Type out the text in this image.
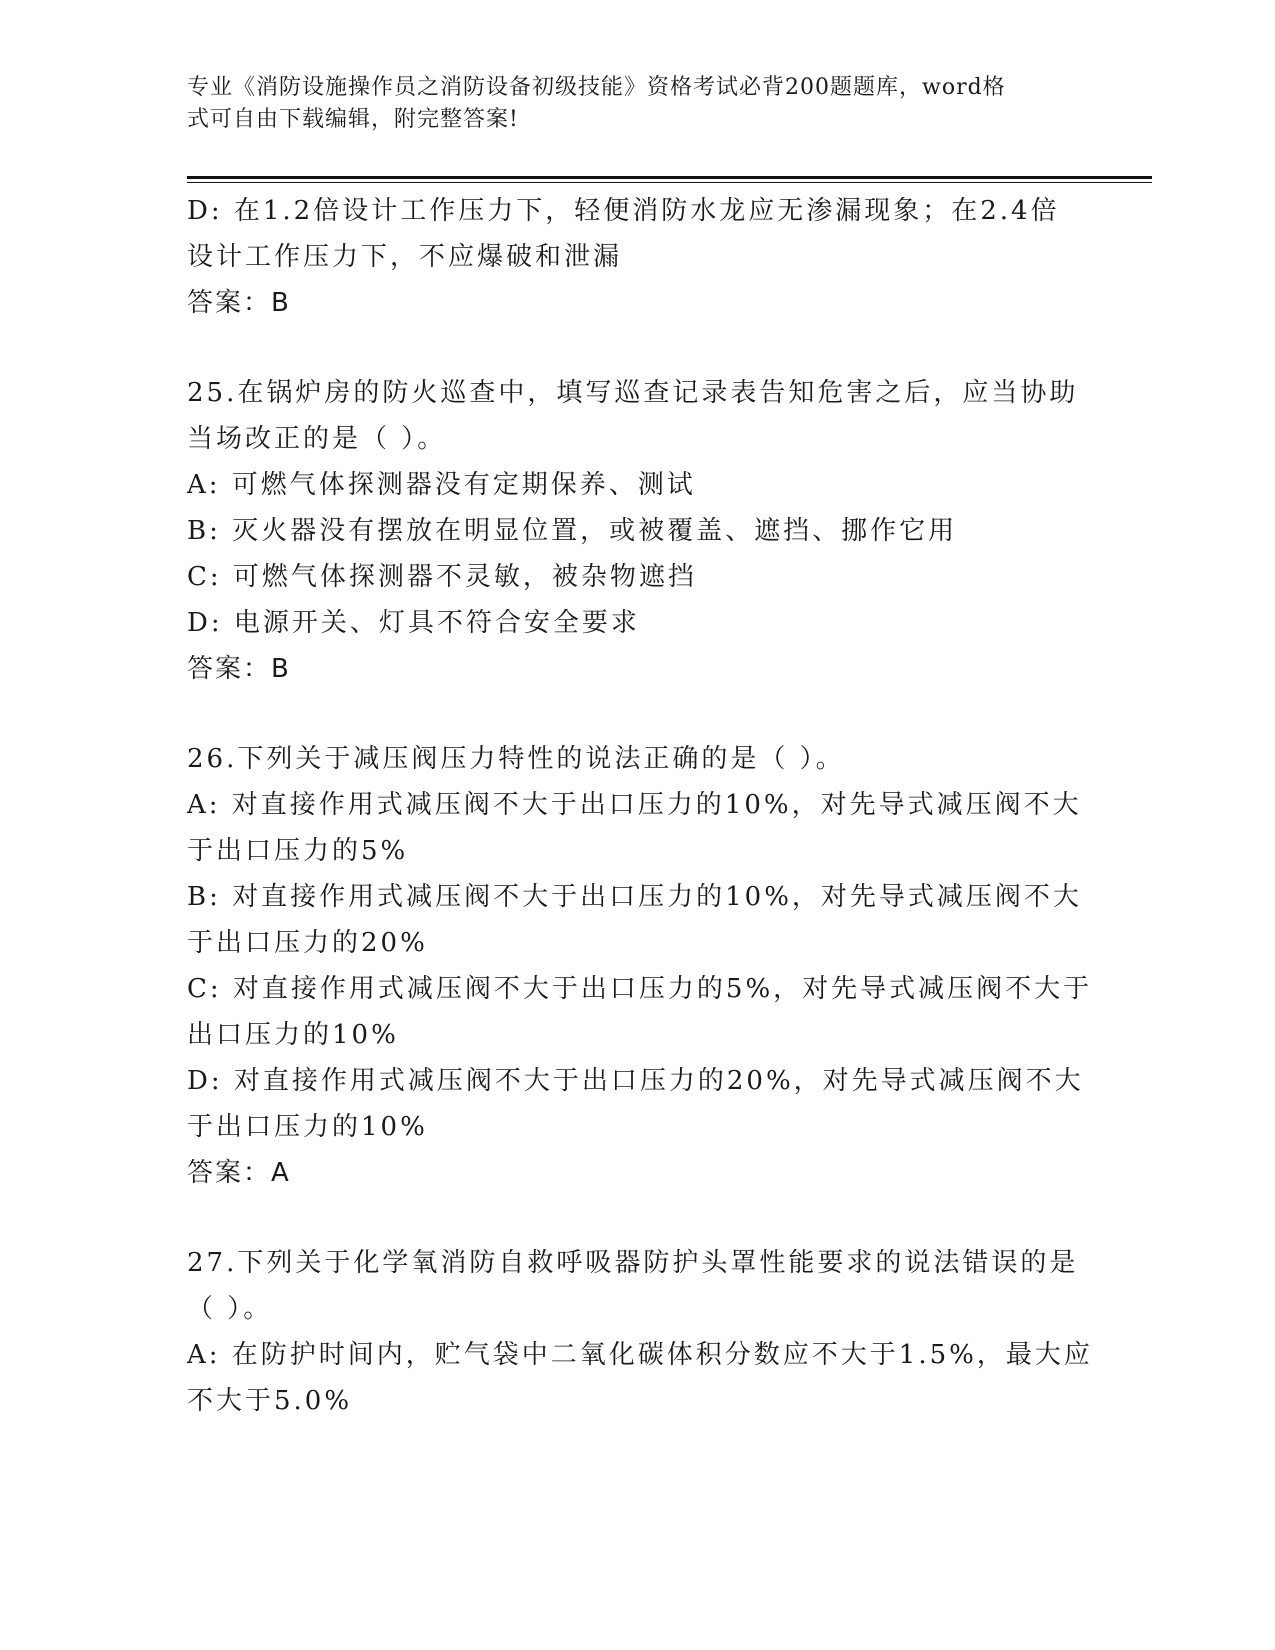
专业《消防设施操作员之消防设备初级技能》资格考试必背200题题库，word格
式可自由下载编辑，附完整答案!
D: 在1.2倍设计工作压力下，轻便消防水龙应无渗漏现象；在2.4倍
设计工作压力下，不应爆破和泄漏
答案：B
25.在锅炉房的防火巡查中，填写巡查记录表告知危害之后，应当协助
当场改正的是（ ）。
A: 可燃气体探测器没有定期保养、测试
B: 灭火器没有摆放在明显位置，或被覆盖、遮挡、挪作它用
C: 可燃气体探测器不灵敏，被杂物遮挡
D: 电源开关、灯具不符合安全要求
答案：B
26.下列关于减压阀压力特性的说法正确的是（ ）。
A: 对直接作用式减压阀不大于出口压力的10%，对先导式减压阀不大
于出口压力的5%
B: 对直接作用式减压阀不大于出口压力的10%，对先导式减压阀不大
于出口压力的20%
C: 对直接作用式减压阀不大于出口压力的5%，对先导式减压阀不大于
出口压力的10%
D: 对直接作用式减压阀不大于出口压力的20%，对先导式减压阀不大
于出口压力的10%
答案：A
27.下列关于化学氧消防自救呼吸器防护头罩性能要求的说法错误的是
（ ）。
A: 在防护时间内，贮气袋中二氧化碳体积分数应不大于1.5%，最大应
不大于5.0%
